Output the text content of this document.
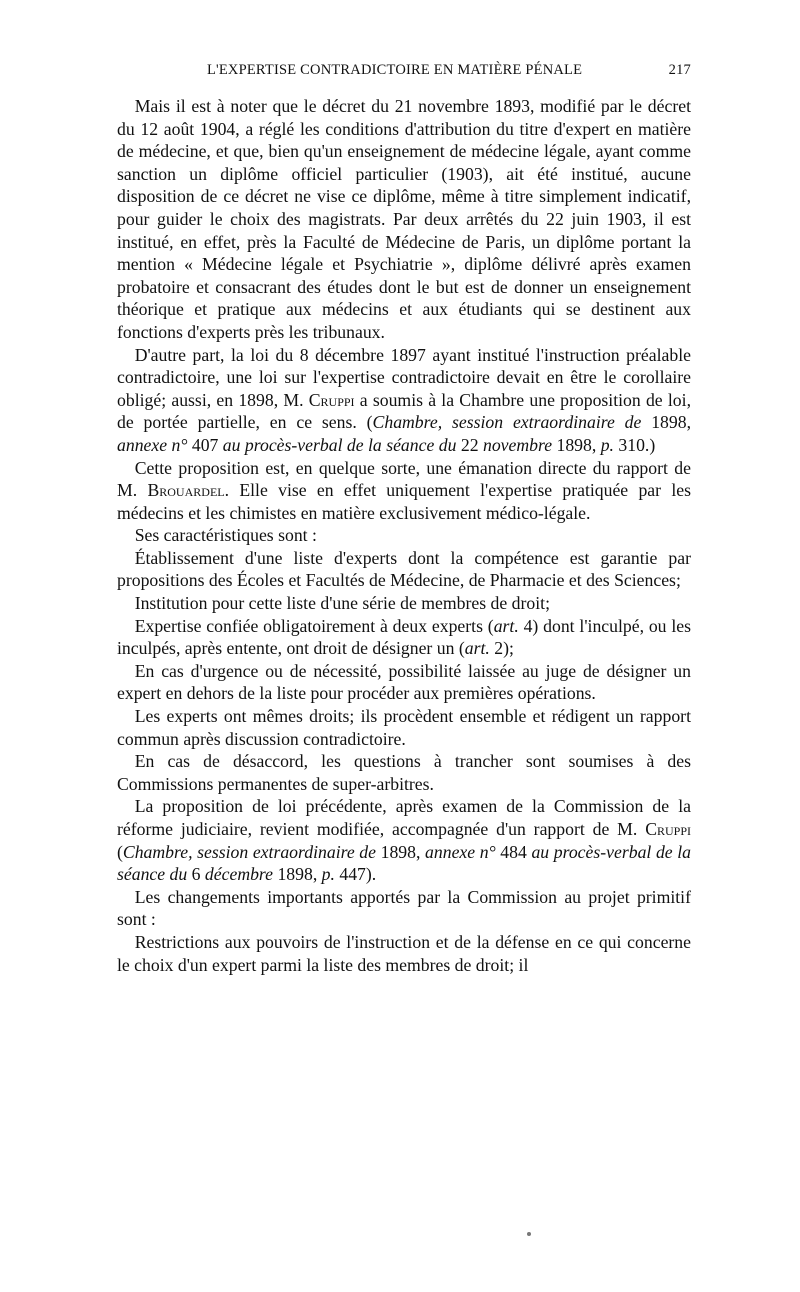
L'EXPERTISE CONTRADICTOIRE EN MATIÈRE PÉNALE	217

 Mais il est à noter que le décret du 21 novembre 1893, modifié par le décret du 12 août 1904, a réglé les conditions d'attribution du titre d'expert en matière de médecine, et que, bien qu'un enseignement de médecine légale, ayant comme sanction un diplôme officiel particulier (1903), ait été institué, aucune disposition de ce décret ne vise ce diplôme, même à titre simplement indicatif, pour guider le choix des magistrats. Par deux arrêtés du 22 juin 1903, il est institué, en effet, près la Faculté de Médecine de Paris, un diplôme portant la mention « Médecine légale et Psychiatrie », diplôme délivré après examen probatoire et consacrant des études dont le but est de donner un enseignement théorique et pratique aux médecins et aux étudiants qui se destinent aux fonctions d'experts près les tribunaux.

 D'autre part, la loi du 8 décembre 1897 ayant institué l'instruction préalable contradictoire, une loi sur l'expertise contradictoire devait en être le corollaire obligé; aussi, en 1898, M. Cruppi a soumis à la Chambre une proposition de loi, de portée partielle, en ce sens. (Chambre, session extraordinaire de 1898, annexe n° 407 au procès-verbal de la séance du 22 novembre 1898, p. 310.)

 Cette proposition est, en quelque sorte, une émanation directe du rapport de M. Brouardel. Elle vise en effet uniquement l'expertise pratiquée par les médecins et les chimistes en matière exclusivement médico-légale.

 Ses caractéristiques sont :

 Établissement d'une liste d'experts dont la compétence est garantie par propositions des Écoles et Facultés de Médecine, de Pharmacie et des Sciences;

 Institution pour cette liste d'une série de membres de droit;

 Expertise confiée obligatoirement à deux experts (art. 4) dont l'inculpé, ou les inculpés, après entente, ont droit de désigner un (art. 2);

 En cas d'urgence ou de nécessité, possibilité laissée au juge de désigner un expert en dehors de la liste pour procéder aux premières opérations.

 Les experts ont mêmes droits; ils procèdent ensemble et rédigent un rapport commun après discussion contradictoire.

 En cas de désaccord, les questions à trancher sont soumises à des Commissions permanentes de super-arbitres.

 La proposition de loi précédente, après examen de la Commission de la réforme judiciaire, revient modifiée, accompagnée d'un rapport de M. Cruppi (Chambre, session extraordinaire de 1898, annexe n° 484 au procès-verbal de la séance du 6 décembre 1898, p. 447).

 Les changements importants apportés par la Commission au projet primitif sont :

 Restrictions aux pouvoirs de l'instruction et de la défense en ce qui concerne le choix d'un expert parmi la liste des membres de droit; il
